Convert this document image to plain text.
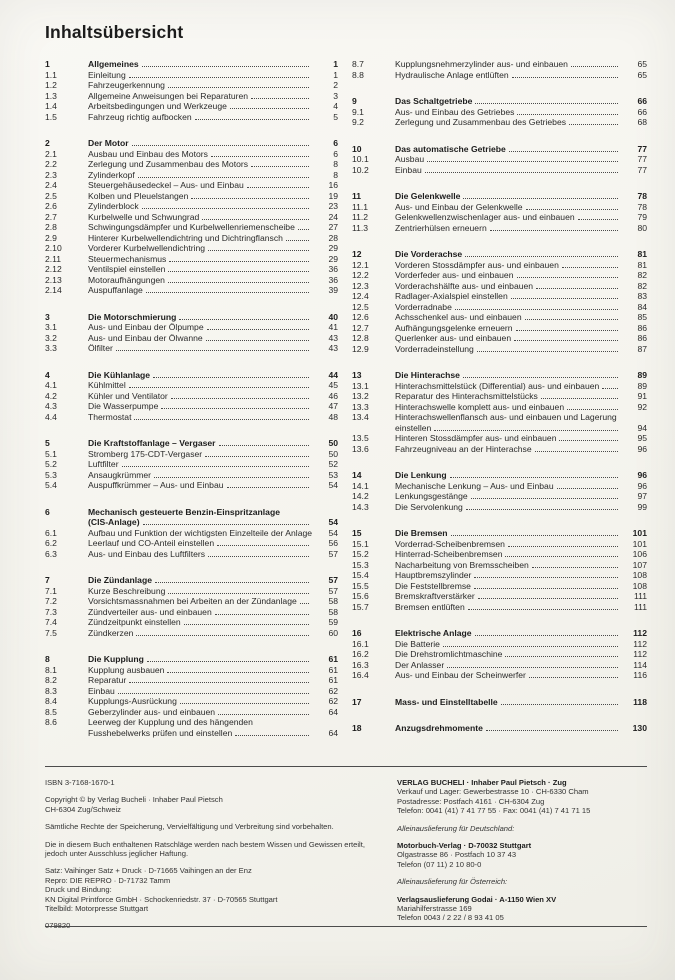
Inhaltsübersicht
1	Allgemeines	1
1.1	Einleitung	1
1.2	Fahrzeugerkennung	2
1.3	Allgemeine Anweisungen bei Reparaturen	3
1.4	Arbeitsbedingungen und Werkzeuge	4
1.5	Fahrzeug richtig aufbocken	5
2	Der Motor	6
2.1	Ausbau und Einbau des Motors	6
2.2	Zerlegung und Zusammenbau des Motors	8
2.3	Zylinderkopf	8
2.4	Steuergehäusedeckel – Aus- und Einbau	16
2.5	Kolben und Pleuelstangen	19
2.6	Zylinderblock	23
2.7	Kurbelwelle und Schwungrad	24
2.8	Schwingungsdämpfer und Kurbelwellenriemenscheibe	27
2.9	Hinterer Kurbelwellendichtring und Dichtringflansch	28
2.10	Vorderer Kurbelwellendichtring	29
2.11	Steuermechanismus	29
2.12	Ventilspiel einstellen	36
2.13	Motoraufhängungen	36
2.14	Auspuffanlage	39
3	Die Motorschmierung	40
3.1	Aus- und Einbau der Ölpumpe	41
3.2	Aus- und Einbau der Ölwanne	43
3.3	Ölfilter	43
4	Die Kühlanlage	44
4.1	Kühlmittel	45
4.2	Kühler und Ventilator	46
4.3	Die Wasserpumpe	47
4.4	Thermostat	48
5	Die Kraftstoffanlage – Vergaser	50
5.1	Stromberg 175-CDT-Vergaser	50
5.2	Luftfilter	52
5.3	Ansaugkrümmer	53
5.4	Auspuffkrümmer – Aus- und Einbau	54
6	Mechanisch gesteuerte Benzin-Einspritzanlage
(CIS-Anlage)	54
6.1	Aufbau und Funktion der wichtigsten Einzelteile der Anlage	54
6.2	Leerlauf und CO-Anteil einstellen	56
6.3	Aus- und Einbau des Luftfilters	57
7	Die Zündanlage	57
7.1	Kurze Beschreibung	57
7.2	Vorsichtsmassnahmen bei Arbeiten an der Zündanlage	58
7.3	Zündverteiler aus- und einbauen	58
7.4	Zündzeitpunkt einstellen	59
7.5	Zündkerzen	60
8	Die Kupplung	61
8.1	Kupplung ausbauen	61
8.2	Reparatur	61
8.3	Einbau	62
8.4	Kupplungs-Ausrückung	62
8.5	Geberzylinder aus- und einbauen	64
8.6	Leerweg der Kupplung und des hängenden
Fusshebelwerks prüfen und einstellen	64
8.7	Kupplungsnehmerzylinder aus- und einbauen	65
8.8	Hydraulische Anlage entlüften	65
9	Das Schaltgetriebe	66
9.1	Aus- und Einbau des Getriebes	66
9.2	Zerlegung und Zusammenbau des Getriebes	68
10	Das automatische Getriebe	77
10.1	Ausbau	77
10.2	Einbau	77
11	Die Gelenkwelle	78
11.1	Aus- und Einbau der Gelenkwelle	78
11.2	Gelenkwellenzwischenlager aus- und einbauen	79
11.3	Zentrierhülsen erneuern	80
12	Die Vorderachse	81
12.1	Vorderen Stossdämpfer aus- und einbauen	81
12.2	Vorderfeder aus- und einbauen	82
12.3	Vorderachshälfte aus- und einbauen	82
12.4	Radlager-Axialspiel einstellen	83
12.5	Vorderradnabe	84
12.6	Achsschenkel aus- und einbauen	85
12.7	Aufhängungsgelenke erneuern	86
12.8	Querlenker aus- und einbauen	86
12.9	Vorderradeinstellung	87
13	Die Hinterachse	89
13.1	Hinterachsmittelstück (Differential) aus- und einbauen	89
13.2	Reparatur des Hinterachsmittelstücks	91
13.3	Hinterachswelle komplett aus- und einbauen	92
13.4	Hinterachswellenflansch aus- und einbauen und Lagerung
einstellen	94
13.5	Hinteren Stossdämpfer aus- und einbauen	95
13.6	Fahrzeugniveau an der Hinterachse	96
14	Die Lenkung	96
14.1	Mechanische Lenkung – Aus- und Einbau	96
14.2	Lenkungsgestänge	97
14.3	Die Servolenkung	99
15	Die Bremsen	101
15.1	Vorderrad-Scheibenbremsen	101
15.2	Hinterrad-Scheibenbremsen	106
15.3	Nacharbeitung von Bremsscheiben	107
15.4	Hauptbremszylinder	108
15.5	Die Feststellbremse	108
15.6	Bremskraftverstärker	111
15.7	Bremsen entlüften	111
16	Elektrische Anlage	112
16.1	Die Batterie	112
16.2	Die Drehstromlichtmaschine	112
16.3	Der Anlasser	114
16.4	Aus- und Einbau der Scheinwerfer	116
17	Mass- und Einstelltabelle	118
18	Anzugsdrehmomente	130
ISBN 3-7168-1670-1
Copyright © by Verlag Bucheli · Inhaber Paul Pietsch
CH-6304 Zug/Schweiz
Sämtliche Rechte der Speicherung, Vervielfältigung und Verbreitung sind vorbehalten.
Die in diesem Buch enthaltenen Ratschläge werden nach bestem Wissen und Gewissen erteilt,
jedoch unter Ausschluss jeglicher Haftung.
Satz: Vaihinger Satz + Druck · D-71665 Vaihingen an der Enz
Repro: DIE REPRO · D-71732 Tamm
Druck und Bindung:
KN Digital Printforce GmbH · Schockenriedstr. 37 · D-70565 Stuttgart
Titelbild: Motorpresse Stuttgart
079820
VERLAG BUCHELI · Inhaber Paul Pietsch · Zug
Verkauf und Lager: Gewerbestrasse 10 · CH-6330 Cham
Postadresse: Postfach 4161 · CH-6304 Zug
Telefon: 0041 (41) 7 41 77 55 · Fax: 0041 (41) 7 41 71 15
Alleinauslieferung für Deutschland:
Motorbuch-Verlag · D-70032 Stuttgart
Olgastrasse 86 · Postfach 10 37 43
Telefon (07 11) 2 10 80-0
Alleinauslieferung für Österreich:
Verlagsauslieferung Godai · A-1150 Wien XV
Mariahilferstrasse 169
Telefon 0043 / 2 22 / 8 93 41 05
